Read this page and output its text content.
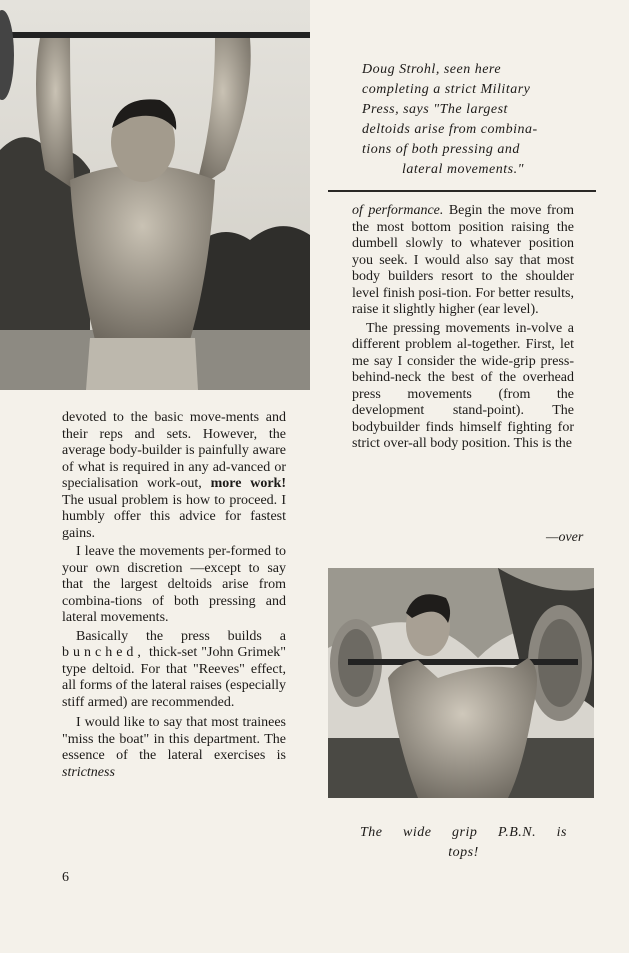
Doug Strohl, seen here
completing a strict Military
Press, says "The largest
deltoids arise from combina-
tions of both pressing and
lateral movements."

devoted to the basic move-ments and their reps and sets. However, the average body-builder is painfully aware of what is required in any ad-vanced or specialisation work-out, more work! The usual problem is how to proceed. I humbly offer this advice for fastest gains.

I leave the movements per-formed to your own discretion —except to say that the largest deltoids arise from combina-tions of both pressing and lateral movements.

Basically the press builds a bunched, thick-set "John Grimek" type deltoid. For that "Reeves" effect, all forms of the lateral raises (especially stiff armed) are recommended.

I would like to say that most trainees "miss the boat" in this department. The essence of the lateral exercises is strictness

of performance. Begin the move from the most bottom position raising the dumbell slowly to whatever position you seek. I would also say that most body builders resort to the shoulder level finish posi-tion. For better results, raise it slightly higher (ear level).

The pressing movements in-volve a different problem al-together. First, let me say I consider the wide-grip press-behind-neck the best of the overhead press movements (from the development stand-point). The bodybuilder finds himself fighting for strict over-all body position. This is the

—over
The wide grip P.B.N. is
tops!
6
